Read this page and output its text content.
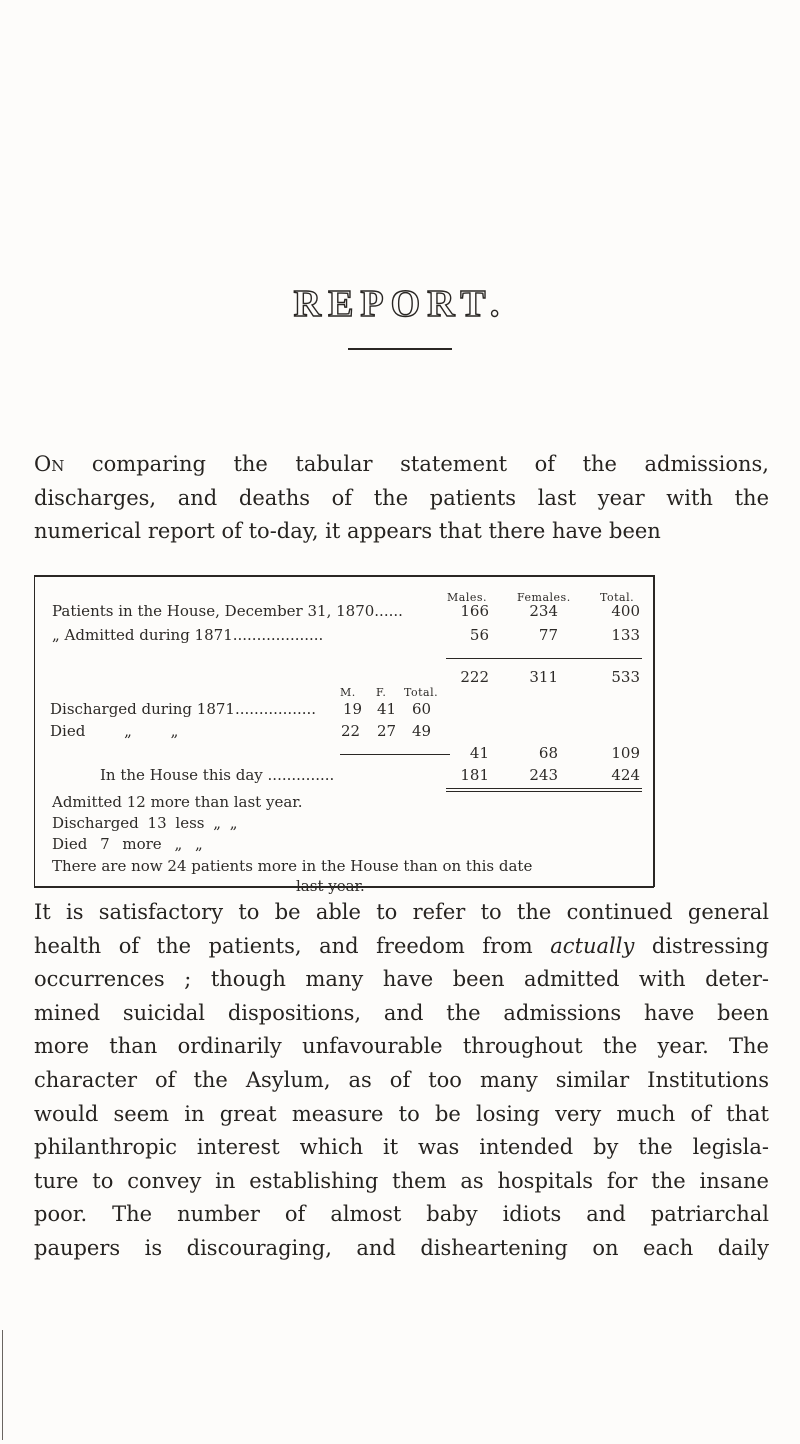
REPORT.
On comparing the tabular statement of the admissions,
discharges, and deaths of the patients last year with the
numerical report of to-day, it appears that there have been
Males.	Females.	Total.
Patients in the House, December 31, 1870......	166	234	400
„ Admitted during 1871...................	56	77	133
222	311	533
M. F. Total.
Discharged during 1871................. 19 41 60
Died „ „	22 27 49
41	68	109
In the House this day ..............	181	243	424
Admitted 12 more than last year.
Discharged 13 less „ „
Died 7 more „ „
There are now 24 patients more in the House than on this date
last year.
It is satisfactory to be able to refer to the continued general
health of the patients, and freedom from actually distressing
occurrences ; though many have been admitted with deter-
mined suicidal dispositions, and the admissions have been
more than ordinarily unfavourable throughout the year. The
character of the Asylum, as of too many similar Institutions
would seem in great measure to be losing very much of that
philanthropic interest which it was intended by the legisla-
ture to convey in establishing them as hospitals for the insane
poor. The number of almost baby idiots and patriarchal
paupers is discouraging, and disheartening on each daily
